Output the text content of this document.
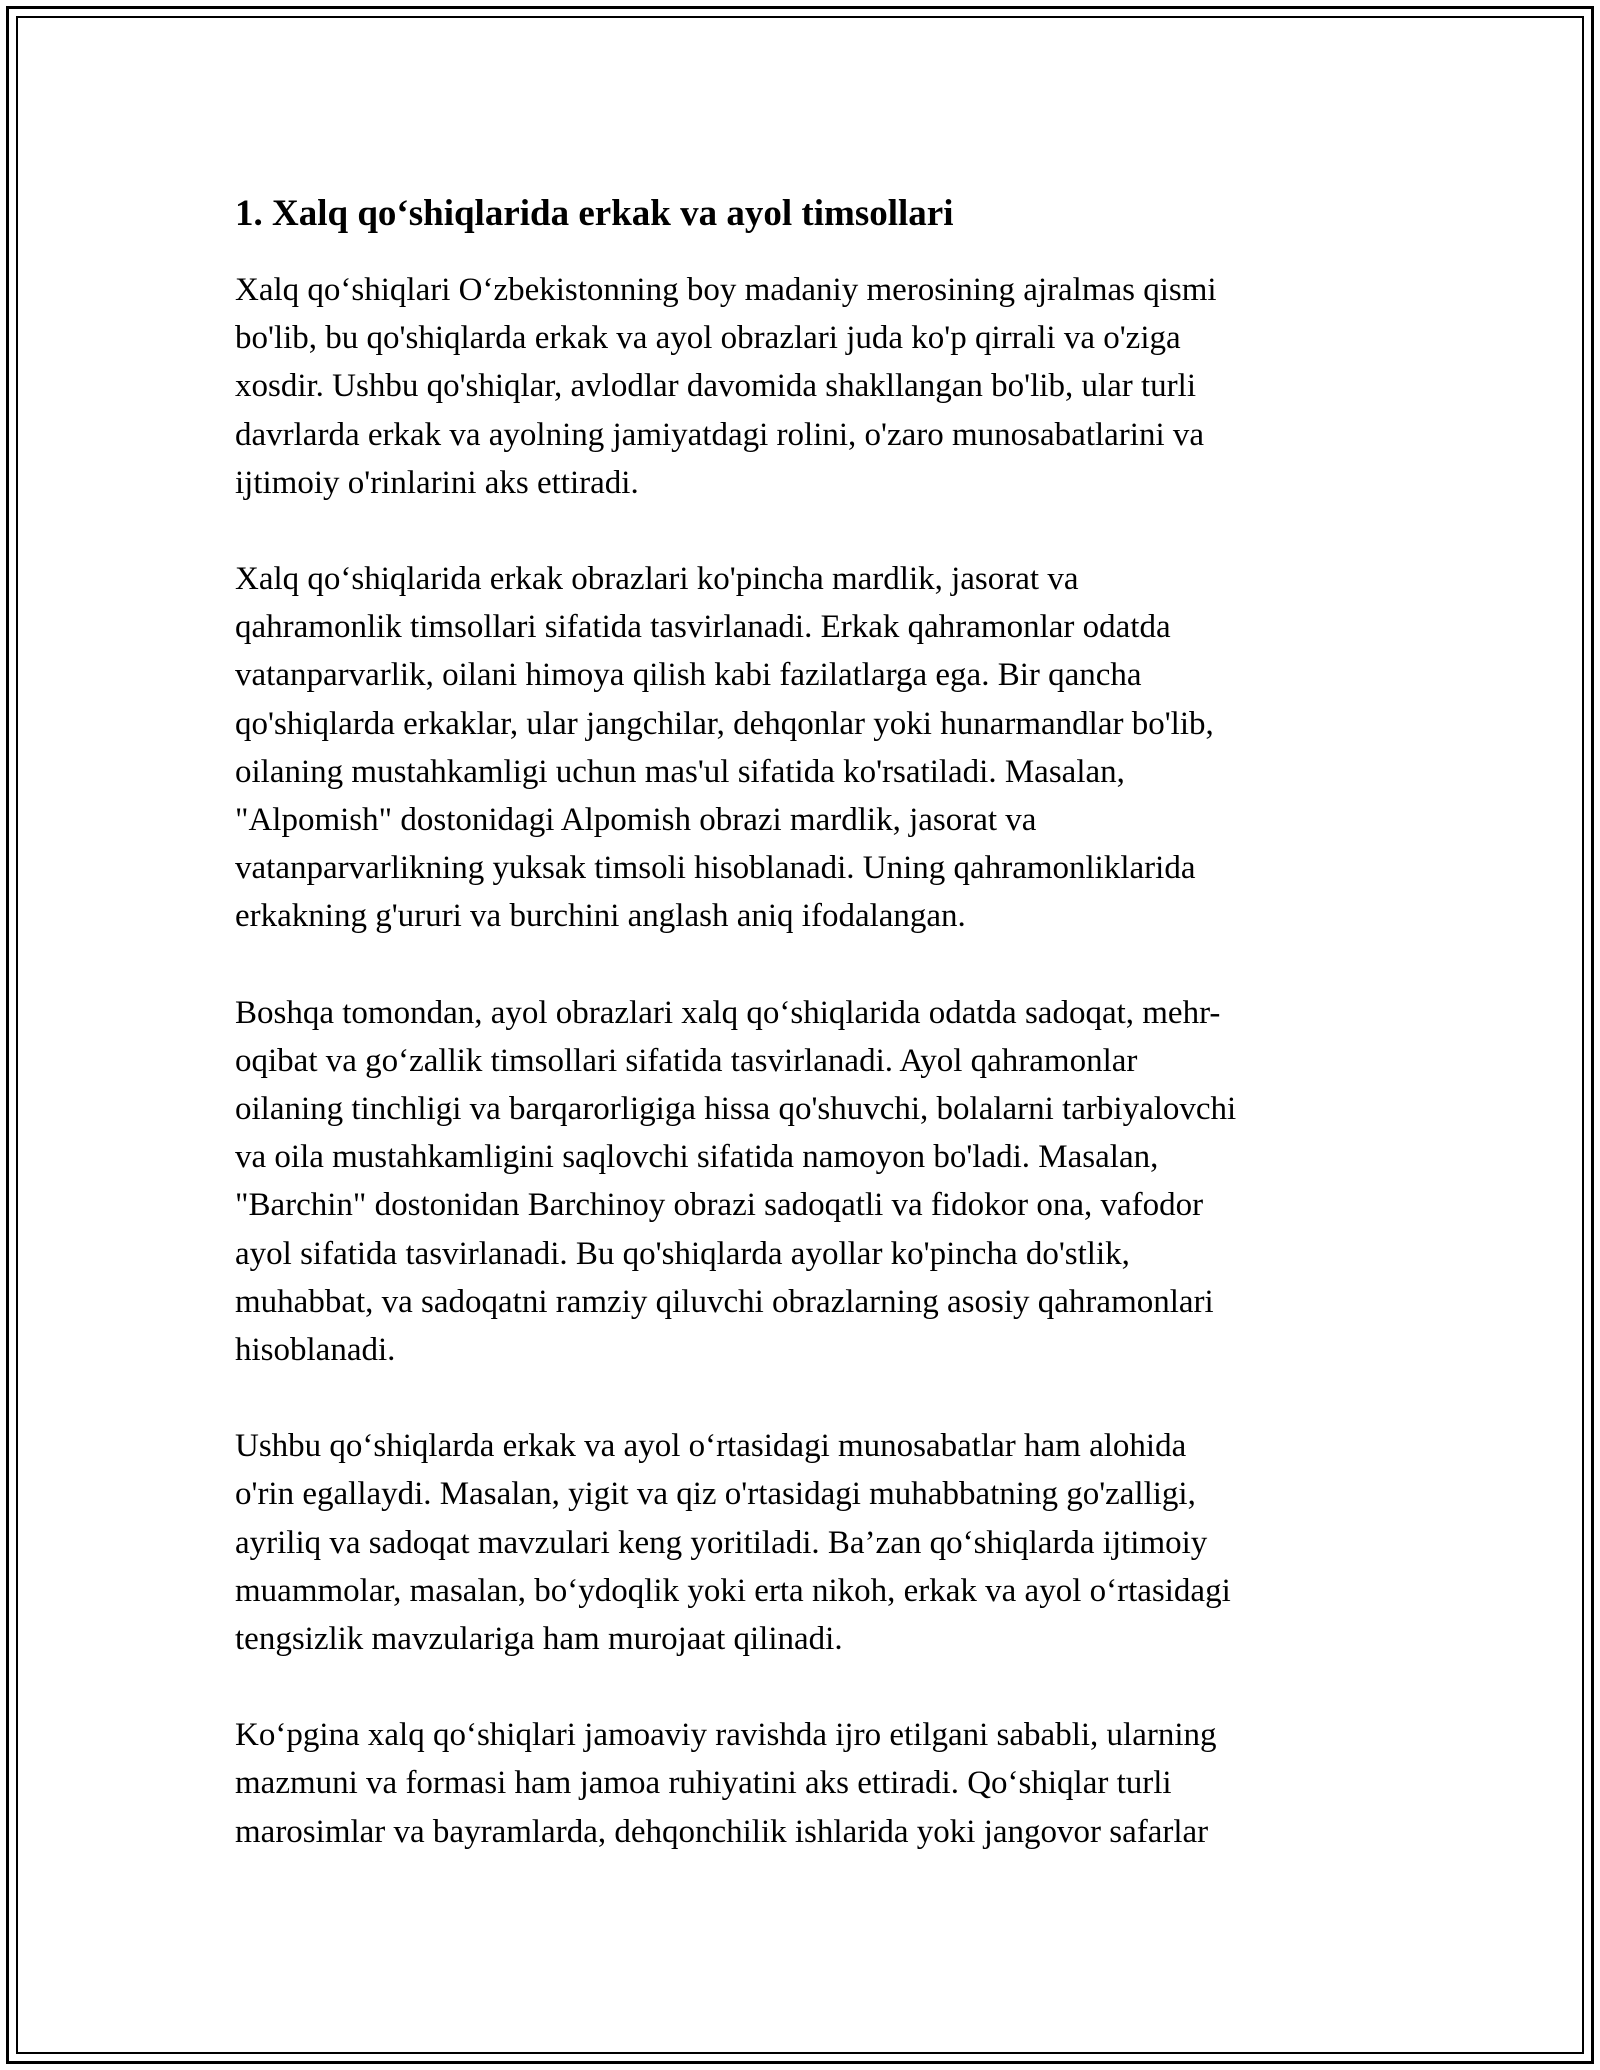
1. Xalq qo‘shiqlarida erkak va ayol timsollari

Xalq qo‘shiqlari O‘zbekistonning boy madaniy merosining ajralmas qismi
bo'lib, bu qo'shiqlarda erkak va ayol obrazlari juda ko'p qirrali va o'ziga
xosdir. Ushbu qo'shiqlar, avlodlar davomida shakllangan bo'lib, ular turli
davrlarda erkak va ayolning jamiyatdagi rolini, o'zaro munosabatlarini va
ijtimoiy o'rinlarini aks ettiradi.

Xalq qo‘shiqlarida erkak obrazlari ko'pincha mardlik, jasorat va
qahramonlik timsollari sifatida tasvirlanadi. Erkak qahramonlar odatda
vatanparvarlik, oilani himoya qilish kabi fazilatlarga ega. Bir qancha
qo'shiqlarda erkaklar, ular jangchilar, dehqonlar yoki hunarmandlar bo'lib,
oilaning mustahkamligi uchun mas'ul sifatida ko'rsatiladi. Masalan,
"Alpomish" dostonidagi Alpomish obrazi mardlik, jasorat va
vatanparvarlikning yuksak timsoli hisoblanadi. Uning qahramonliklarida
erkakning g'ururi va burchini anglash aniq ifodalangan.

Boshqa tomondan, ayol obrazlari xalq qo‘shiqlarida odatda sadoqat, mehr-
oqibat va go‘zallik timsollari sifatida tasvirlanadi. Ayol qahramonlar
oilaning tinchligi va barqarorligiga hissa qo'shuvchi, bolalarni tarbiyalovchi
va oila mustahkamligini saqlovchi sifatida namoyon bo'ladi. Masalan,
"Barchin" dostonidan Barchinoy obrazi sadoqatli va fidokor ona, vafodor
ayol sifatida tasvirlanadi. Bu qo'shiqlarda ayollar ko'pincha do'stlik,
muhabbat, va sadoqatni ramziy qiluvchi obrazlarning asosiy qahramonlari
hisoblanadi.

Ushbu qo‘shiqlarda erkak va ayol o‘rtasidagi munosabatlar ham alohida
o'rin egallaydi. Masalan, yigit va qiz o'rtasidagi muhabbatning go'zalligi,
ayriliq va sadoqat mavzulari keng yoritiladi. Ba’zan qo‘shiqlarda ijtimoiy
muammolar, masalan, bo‘ydoqlik yoki erta nikoh, erkak va ayol o‘rtasidagi
tengsizlik mavzulariga ham murojaat qilinadi.

Ko‘pgina xalq qo‘shiqlari jamoaviy ravishda ijro etilgani sababli, ularning
mazmuni va formasi ham jamoa ruhiyatini aks ettiradi. Qo‘shiqlar turli
marosimlar va bayramlarda, dehqonchilik ishlarida yoki jangovor safarlar
